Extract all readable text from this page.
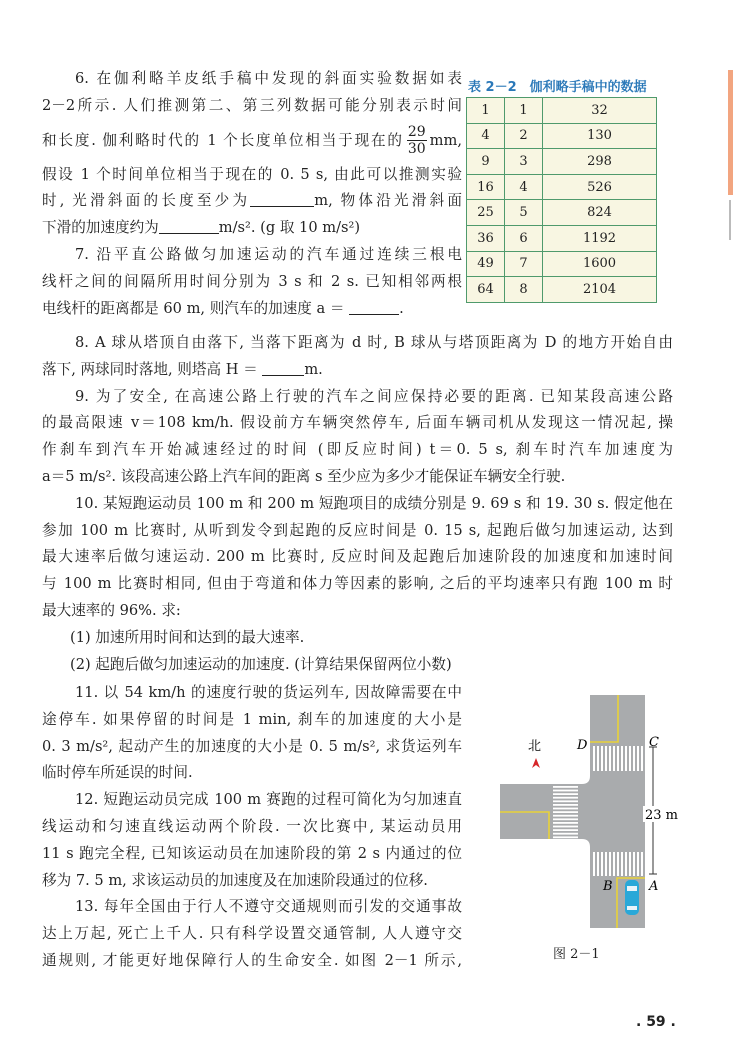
6. 在伽利略羊皮纸手稿中发现的斜面实验数据如表
2－2所示. 人们推测第二、第三列数据可能分别表示时间
和长度. 伽利略时代的 1 个长度单位相当于现在的 $\frac{29}{30}$ mm,
假设 1 个时间单位相当于现在的 0. 5 s, 由此可以推测实验
时, 光滑斜面的长度至少为	m, 物体沿光滑斜面
下滑的加速度约为	m/s². (g 取 10 m/s²)
7. 沿平直公路做匀加速运动的汽车通过连续三根电
线杆之间的间隔所用时间分别为 3 s 和 2 s. 已知相邻两根
电线杆的距离都是 60 m, 则汽车的加速度 a ＝	.
8. A 球从塔顶自由落下, 当落下距离为 d 时, B 球从与塔顶距离为 D 的地方开始自由
落下, 两球同时落地, 则塔高 H ＝	m.
9. 为了安全, 在高速公路上行驶的汽车之间应保持必要的距离. 已知某段高速公路
的最高限速 v＝108 km/h. 假设前方车辆突然停车, 后面车辆司机从发现这一情况起, 操
作刹车到汽车开始减速经过的时间 (即反应时间) t＝0. 5 s, 刹车时汽车加速度为
a＝5 m/s². 该段高速公路上汽车间的距离 s 至少应为多少才能保证车辆安全行驶.
10. 某短跑运动员 100 m 和 200 m 短跑项目的成绩分别是 9. 69 s 和 19. 30 s. 假定他在
参加 100 m 比赛时, 从听到发令到起跑的反应时间是 0. 15 s, 起跑后做匀加速运动, 达到
最大速率后做匀速运动. 200 m 比赛时, 反应时间及起跑后加速阶段的加速度和加速时间
与 100 m 比赛时相同, 但由于弯道和体力等因素的影响, 之后的平均速率只有跑 100 m 时
最大速率的 96%. 求:
(1) 加速所用时间和达到的最大速率.
(2) 起跑后做匀加速运动的加速度. (计算结果保留两位小数)
11. 以 54 km/h 的速度行驶的货运列车, 因故障需要在中
途停车. 如果停留的时间是 1 min, 刹车的加速度的大小是
0. 3 m/s², 起动产生的加速度的大小是 0. 5 m/s², 求货运列车
临时停车所延误的时间.
12. 短跑运动员完成 100 m 赛跑的过程可简化为匀加速直
线运动和匀速直线运动两个阶段. 一次比赛中, 某运动员用
11 s 跑完全程, 已知该运动员在加速阶段的第 2 s 内通过的位
移为 7. 5 m, 求该运动员的加速度及在加速阶段通过的位移.
13. 每年全国由于行人不遵守交通规则而引发的交通事故
达上万起, 死亡上千人. 只有科学设置交通管制, 人人遵守交
通规则, 才能更好地保障行人的生命安全. 如图 2－1 所示,
表 2－2　伽利略手稿中的数据
1	1	32
4	2	130
9	3	298
16	4	526
25	5	824
36	6	1192
49	7	1600
64	8	2104
北
23 m
D	C
B	A
图 2－1
. 59 .
